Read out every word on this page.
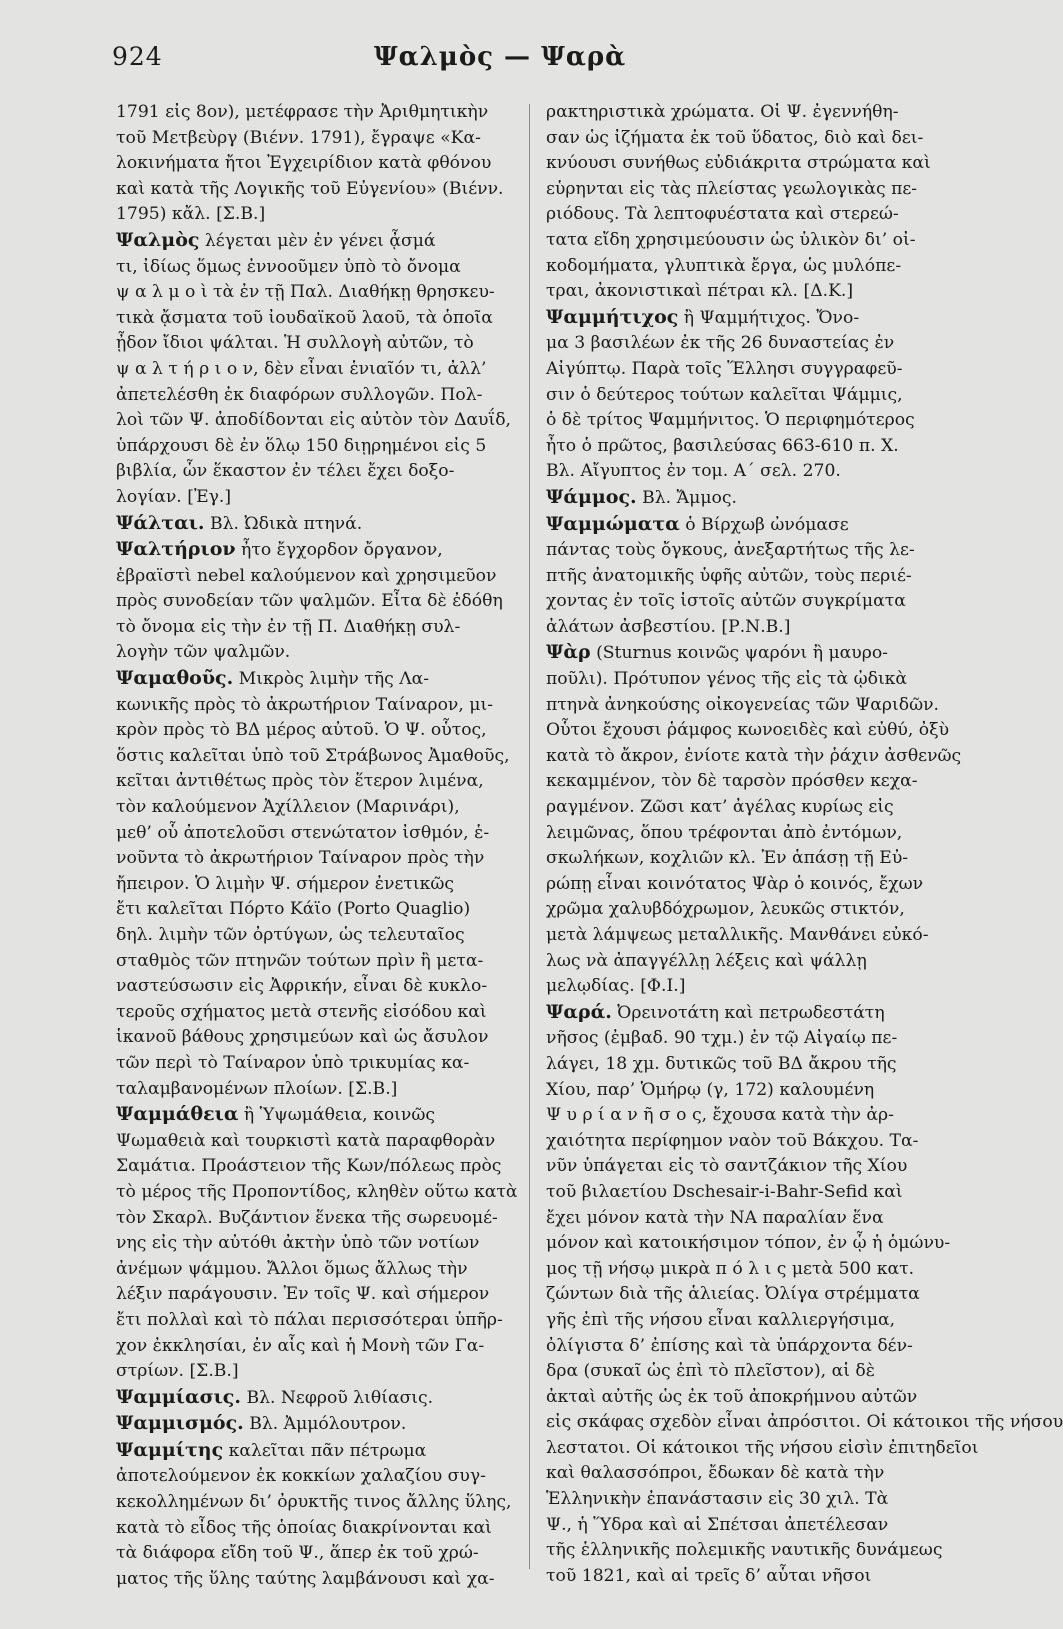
924	Ψαλμὸς — Ψαρὰ
1791 εἰς 8ον), μετέφρασε τὴν Ἀριθμητικὴν
τοῦ Μετβεὺργ (Βιένν. 1791), ἔγραψε «Κα-
λοκινήματα ἤτοι Ἐγχειρίδιον κατὰ φθόνου
καὶ κατὰ τῆς Λογικῆς τοῦ Εὐγενίου» (Βιένν.
1795) κἄλ. [Σ.Β.]
Ψαλμὸς λέγεται μὲν ἐν γένει ᾆσμά
τι, ἰδίως ὅμως ἐννοοῦμεν ὑπὸ τὸ ὄνομα
ψ α λ μ ο ὶ τὰ ἐν τῇ Παλ. Διαθήκῃ θρησκευ-
τικὰ ᾄσματα τοῦ ἰουδαϊκοῦ λαοῦ, τὰ ὁποῖα
ᾖδον ἴδιοι ψάλται. Ἡ συλλογὴ αὐτῶν, τὸ
ψ α λ τ ή ρ ι ο ν, δὲν εἶναι ἑνιαῖόν τι, ἀλλ’
ἀπετελέσθη ἐκ διαφόρων συλλογῶν. Πολ-
λοὶ τῶν Ψ. ἀποδίδονται εἰς αὐτὸν τὸν Δαυΐδ,
ὑπάρχουσι δὲ ἐν ὅλῳ 150 διῃρημένοι εἰς 5
βιβλία, ὧν ἕκαστον ἐν τέλει ἔχει δοξο-
λογίαν. [Ἐγ.]
Ψάλται. Βλ. Ὠδικὰ πτηνά.
Ψαλτήριον ἦτο ἔγχορδον ὄργανον,
ἑβραϊστὶ nebel καλούμενον καὶ χρησιμεῦον
πρὸς συνοδείαν τῶν ψαλμῶν. Εἶτα δὲ ἐδόθη
τὸ ὄνομα εἰς τὴν ἐν τῇ Π. Διαθήκῃ συλ-
λογὴν τῶν ψαλμῶν.
Ψαμαθοῦς. Μικρὸς λιμὴν τῆς Λα-
κωνικῆς πρὸς τὸ ἀκρωτήριον Ταίναρον, μι-
κρὸν πρὸς τὸ ΒΔ μέρος αὐτοῦ. Ὁ Ψ. οὗτος,
ὅστις καλεῖται ὑπὸ τοῦ Στράβωνος Ἀμαθοῦς,
κεῖται ἀντιθέτως πρὸς τὸν ἕτερον λιμένα,
τὸν καλούμενον Ἀχίλλειον (Μαρινάρι),
μεθ’ οὗ ἀποτελοῦσι στενώτατον ἰσθμόν, ἑ-
νοῦντα τὸ ἀκρωτήριον Ταίναρον πρὸς τὴν
ἤπειρον. Ὁ λιμὴν Ψ. σήμερον ἐνετικῶς
ἔτι καλεῖται Πόρτο Κάϊο (Porto Quaglio)
δηλ. λιμὴν τῶν ὀρτύγων, ὡς τελευταῖος
σταθμὸς τῶν πτηνῶν τούτων πρὶν ἢ μετα-
ναστεύσωσιν εἰς Ἀφρικήν, εἶναι δὲ κυκλο-
τεροῦς σχήματος μετὰ στενῆς εἰσόδου καὶ
ἱκανοῦ βάθους χρησιμεύων καὶ ὡς ἄσυλον
τῶν περὶ τὸ Ταίναρον ὑπὸ τρικυμίας κα-
ταλαμβανομένων πλοίων. [Σ.Β.]
Ψαμμάθεια ἢ Ὑψωμάθεια, κοινῶς
Ψωμαθειὰ καὶ τουρκιστὶ κατὰ παραφθορὰν
Σαμάτια. Προάστειον τῆς Κων/πόλεως πρὸς
τὸ μέρος τῆς Προποντίδος, κληθὲν οὕτω κατὰ
τὸν Σκαρλ. Βυζάντιον ἕνεκα τῆς σωρευομέ-
νης εἰς τὴν αὐτόθι ἀκτὴν ὑπὸ τῶν νοτίων
ἀνέμων ψάμμου. Ἄλλοι ὅμως ἄλλως τὴν
λέξιν παράγουσιν. Ἐν τοῖς Ψ. καὶ σήμερον
ἔτι πολλαὶ καὶ τὸ πάλαι περισσότεραι ὑπῆρ-
χον ἐκκλησίαι, ἐν αἷς καὶ ἡ Μονὴ τῶν Γα-
στρίων. [Σ.Β.]
Ψαμμίασις. Βλ. Νεφροῦ λιθίασις.
Ψαμμισμός. Βλ. Ἀμμόλουτρον.
Ψαμμίτης καλεῖται πᾶν πέτρωμα
ἀποτελούμενον ἐκ κοκκίων χαλαζίου συγ-
κεκολλημένων δι’ ὀρυκτῆς τινος ἄλλης ὕλης,
κατὰ τὸ εἶδος τῆς ὁποίας διακρίνονται καὶ
τὰ διάφορα εἴδη τοῦ Ψ., ἅπερ ἐκ τοῦ χρώ-
ματος τῆς ὕλης ταύτης λαμβάνουσι καὶ χα-
ρακτηριστικὰ χρώματα. Οἱ Ψ. ἐγεννήθη-
σαν ὡς ἰζήματα ἐκ τοῦ ὕδατος, διὸ καὶ δει-
κνύουσι συνήθως εὐδιάκριτα στρώματα καὶ
εὑρηνται εἰς τὰς πλείστας γεωλογικὰς πε-
ριόδους. Τὰ λεπτοφυέστατα καὶ στερεώ-
τατα εἴδη χρησιμεύουσιν ὡς ὑλικὸν δι’ οἰ-
κοδομήματα, γλυπτικὰ ἔργα, ὡς μυλόπε-
τραι, ἀκονιστικαὶ πέτραι κλ. [Δ.Κ.]
Ψαμμήτιχος ἢ Ψαμμήτιχος. Ὄνο-
μα 3 βασιλέων ἐκ τῆς 26 δυναστείας ἐν
Αἰγύπτῳ. Παρὰ τοῖς Ἕλλησι συγγραφεῦ-
σιν ὁ δεύτερος τούτων καλεῖται Ψάμμις,
ὁ δὲ τρίτος Ψαμμήνιτος. Ὁ περιφημότερος
ἦτο ὁ πρῶτος, βασιλεύσας 663-610 π. Χ.
Βλ. Αἴγυπτος ἐν τομ. Α΄ σελ. 270.
Ψάμμος. Βλ. Ἄμμος.
Ψαμμώματα ὁ Βίρχωβ ὠνόμασε
πάντας τοὺς ὄγκους, ἀνεξαρτήτως τῆς λε-
πτῆς ἀνατομικῆς ὑφῆς αὐτῶν, τοὺς περιέ-
χοντας ἐν τοῖς ἱστοῖς αὐτῶν συγκρίματα
ἀλάτων ἀσβεστίου. [Ρ.Ν.Β.]
Ψὰρ (Sturnus κοινῶς ψαρόνι ἢ μαυρο-
ποῦλι). Πρότυπον γένος τῆς εἰς τὰ ᾠδικὰ
πτηνὰ ἀνηκούσης οἰκογενείας τῶν Ψαριδῶν.
Οὗτοι ἔχουσι ῥάμφος κωνοειδὲς καὶ εὐθύ, ὀξὺ
κατὰ τὸ ἄκρον, ἐνίοτε κατὰ τὴν ῥάχιν ἀσθενῶς
κεκαμμένον, τὸν δὲ ταρσὸν πρόσθεν κεχα-
ραγμένον. Ζῶσι κατ’ ἀγέλας κυρίως εἰς
λειμῶνας, ὅπου τρέφονται ἀπὸ ἐντόμων,
σκωλήκων, κοχλιῶν κλ. Ἐν ἁπάσῃ τῇ Εὐ-
ρώπῃ εἶναι κοινότατος Ψὰρ ὁ κοινός, ἔχων
χρῶμα χαλυβδόχρωμον, λευκῶς στικτόν,
μετὰ λάμψεως μεταλλικῆς. Μανθάνει εὐκό-
λως νὰ ἀπαγγέλλῃ λέξεις καὶ ψάλλῃ
μελῳδίας. [Φ.Ι.]
Ψαρά. Ὀρεινοτάτη καὶ πετρωδεστάτη
νῆσος (ἐμβαδ. 90 τχμ.) ἐν τῷ Αἰγαίῳ πε-
λάγει, 18 χμ. δυτικῶς τοῦ ΒΔ ἄκρου τῆς
Χίου, παρ’ Ὁμήρῳ (γ, 172) καλουμένη
Ψ υ ρ ί α ν ῆ σ ο ς, ἔχουσα κατὰ τὴν ἀρ-
χαιότητα περίφημον ναὸν τοῦ Βάκχου. Τα-
νῦν ὑπάγεται εἰς τὸ σαντζάκιον τῆς Χίου
τοῦ βιλαετίου Dschesair-i-Bahr-Sefid καὶ
ἔχει μόνον κατὰ τὴν ΝΑ παραλίαν ἕνα
μόνον καὶ κατοικήσιμον τόπον, ἐν ᾧ ἡ ὁμώνυ-
μος τῇ νήσῳ μικρὰ π ό λ ι ς μετὰ 500 κατ.
ζώντων διὰ τῆς ἁλιείας. Ὀλίγα στρέμματα
γῆς ἐπὶ τῆς νήσου εἶναι καλλιεργήσιμα,
ὀλίγιστα δ’ ἐπίσης καὶ τὰ ὑπάρχοντα δέν-
δρα (συκαῖ ὡς ἐπὶ τὸ πλεῖστον), αἱ δὲ
ἀκταὶ αὐτῆς ὡς ἐκ τοῦ ἀποκρήμνου αὐτῶν
εἰς σκάφας σχεδὸν εἶναι ἀπρόσιτοι. Οἱ κάτοικοι τῆς νήσου
λεστατοι. Οἱ κάτοικοι τῆς νήσου εἰσὶν ἐπιτηδεῖοι
καὶ θαλασσόπροι, ἔδωκαν δὲ κατὰ τὴν
Ἑλληνικὴν ἐπανάστασιν εἰς 30 χιλ. Τὰ
Ψ., ἡ Ὕδρα καὶ αἱ Σπέτσαι ἀπετέλεσαν
τῆς ἑλληνικῆς πολεμικῆς ναυτικῆς δυνάμεως
τοῦ 1821, καὶ αἱ τρεῖς δ’ αὗται νῆσοι
